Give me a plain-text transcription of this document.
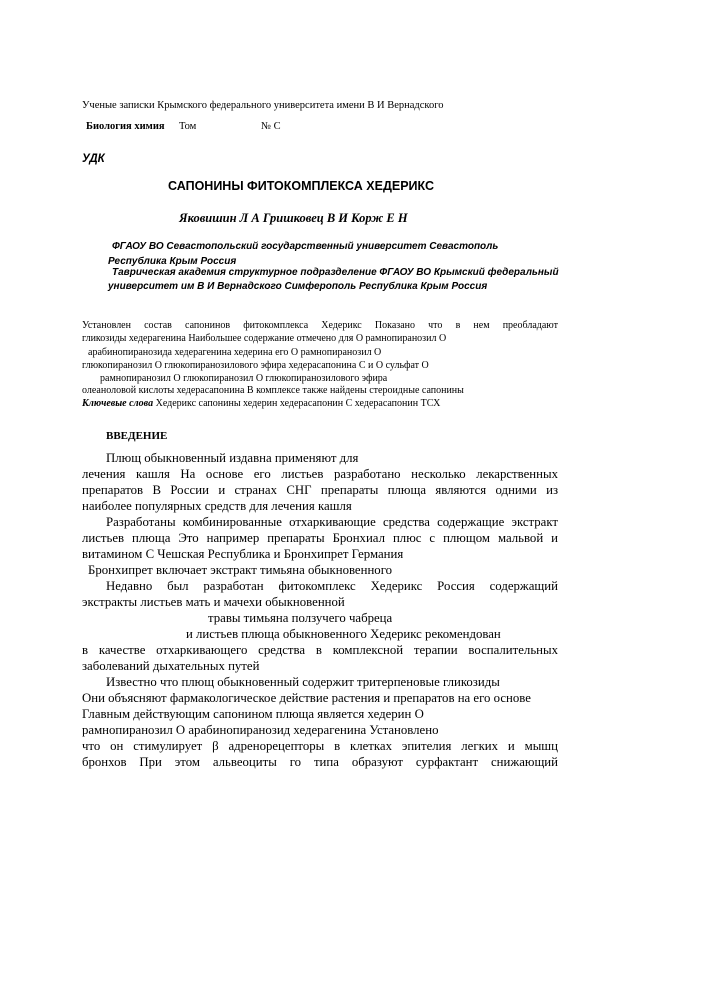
Ученые записки Крымского федерального университета имени В И Вернадского
Биология химия Том	№ С
УДК
САПОНИНЫ ФИТОКОМПЛЕКСА ХЕДЕРИКС
Яковишин Л А Гришковец В И Корж Е Н
ФГАОУ ВО Севастопольский государственный университет Севастополь
Республика Крым Россия
Таврическая академия структурное подразделение ФГАОУ ВО Крымский федеральный
университет им В И Вернадского Симферополь Республика Крым Россия
Установлен состав сапонинов фитокомплекса Хедерикс Показано что в нем преобладают
гликозиды хедерагенина Наибольшее содержание отмечено для О рамнопиранозил О
арабинопиранозида хедерагенина хедерина его О рамнопиранозил О
глюкопиранозил О глюкопиранозилового эфира хедерасапонина С и О сульфат О
рамнопиранозил О глюкопиранозил О глюкопиранозилового эфира
олеаноловой кислоты хедерасапонина В комплексе также найдены стероидные сапонины
Ключевые слова Хедерикс сапонины хедерин хедерасапонин С хедерасапонин ТСХ
ВВЕДЕНИЕ
Плющ обыкновенный издавна применяют для
лечения кашля На основе его листьев разработано несколько лекарственных
препаратов В России и странах СНГ препараты плюща являются одними из
наиболее популярных средств для лечения кашля
Разработаны комбинированные отхаркивающие средства содержащие экстракт
листьев плюща Это например препараты Бронхиал плюс с плющом мальвой и
витамином С Чешская Республика и Бронхипрет Германия
Бронхипрет включает экстракт тимьяна обыкновенного
Недавно был разработан фитокомплекс Хедерикс Россия содержащий
экстракты листьев мать и мачехи обыкновенной
травы тимьяна ползучего чабреца
и листьев плюща обыкновенного Хедерикс рекомендован
в качестве отхаркивающего средства в комплексной терапии воспалительных
заболеваний дыхательных путей
Известно что плющ обыкновенный содержит тритерпеновые гликозиды
Они объясняют фармакологическое действие растения и препаратов на его основе
Главным действующим сапонином плюща является хедерин О
рамнопиранозил О арабинопиранозид хедерагенина Установлено
что он стимулирует β адренорецепторы в клетках эпителия легких и мышц
бронхов При этом альвеоциты го типа образуют сурфактант снижающий
